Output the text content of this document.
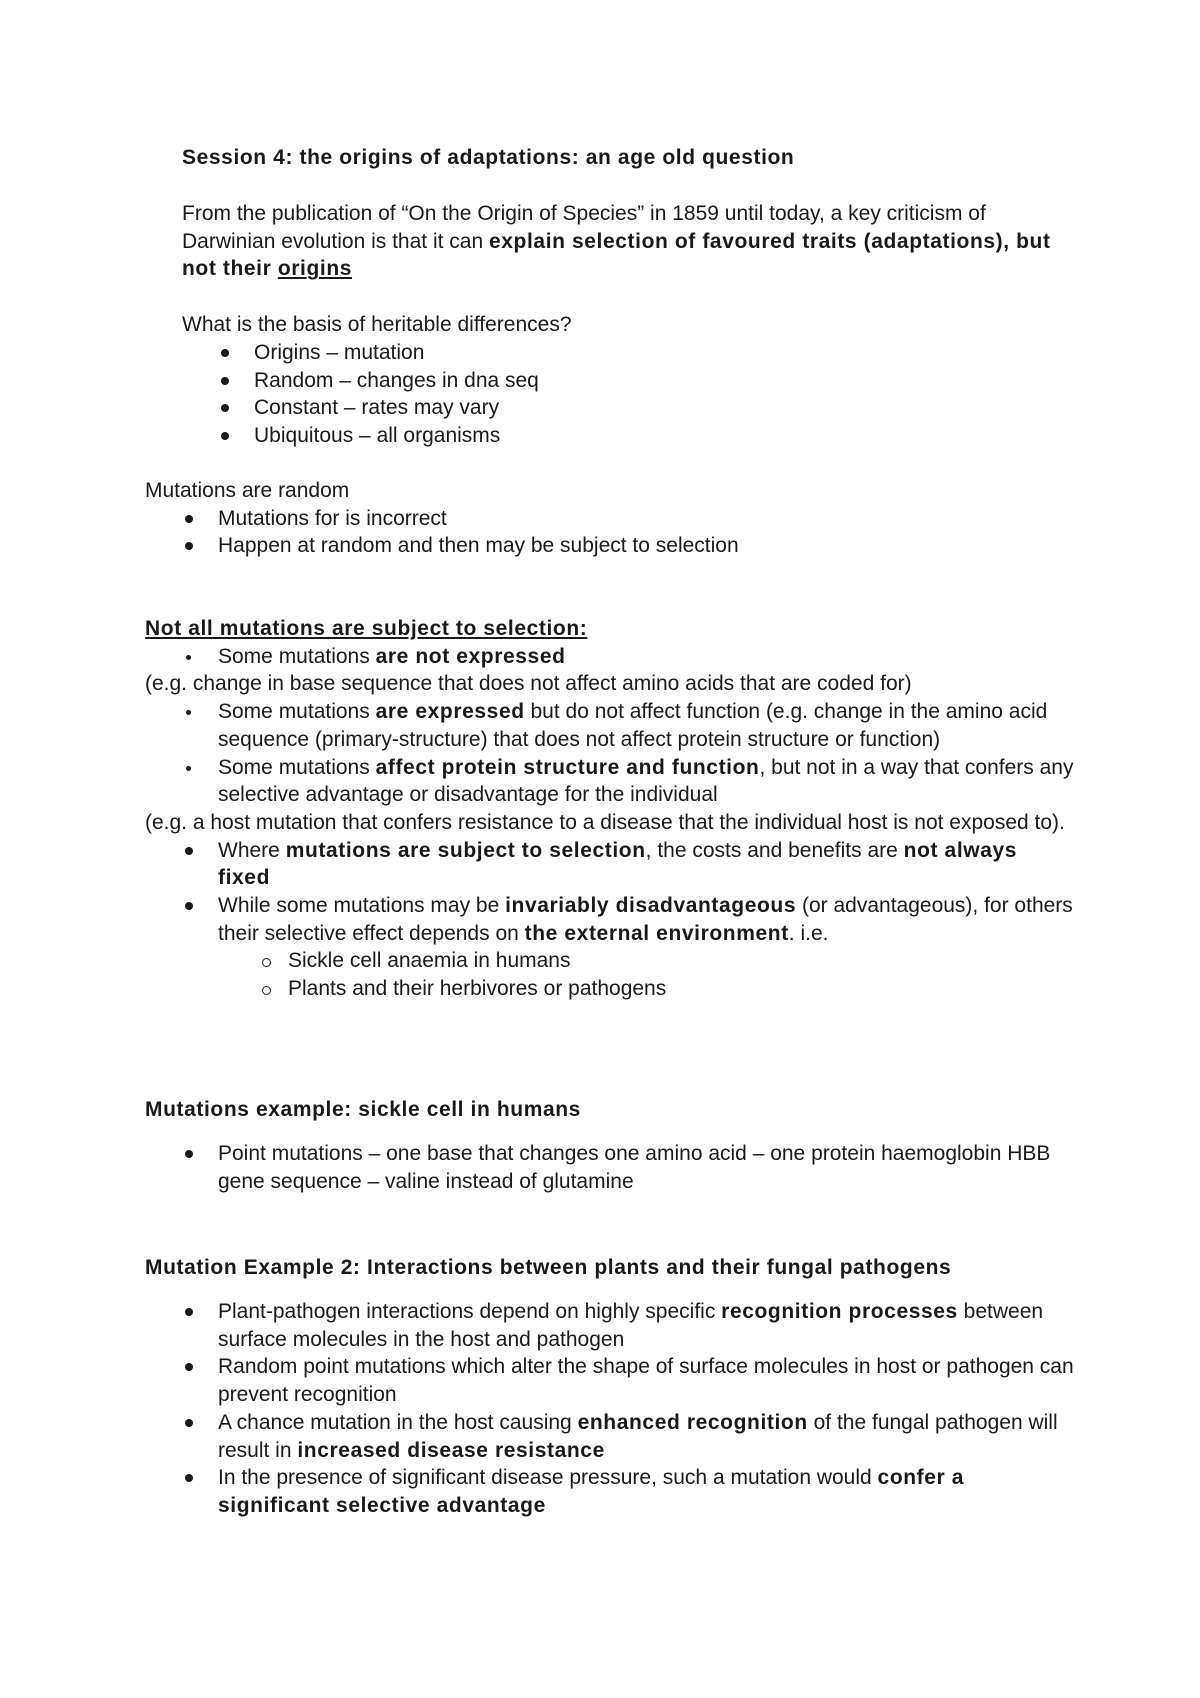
Session 4: the origins of adaptations: an age old question

From the publication of “On the Origin of Species” in 1859 until today, a key criticism of Darwinian evolution is that it can explain selection of favoured traits (adaptations), but not their origins

What is the basis of heritable differences?

Origins – mutation
Random – changes in dna seq
Constant – rates may vary
Ubiquitous – all organisms

Mutations are random

Mutations for is incorrect
Happen at random and then may be subject to selection

Not all mutations are subject to selection:

Some mutations are not expressed

(e.g. change in base sequence that does not affect amino acids that are coded for)

Some mutations are expressed but do not affect function (e.g. change in the amino acid sequence (primary-structure) that does not affect protein structure or function)
Some mutations affect protein structure and function, but not in a way that confers any selective advantage or disadvantage for the individual

(e.g. a host mutation that confers resistance to a disease that the individual host is not exposed to).

Where mutations are subject to selection, the costs and benefits are not always fixed
While some mutations may be invariably disadvantageous (or advantageous), for others their selective effect depends on the external environment. i.e.
Sickle cell anaemia in humans
Plants and their herbivores or pathogens

Mutations example: sickle cell in humans

Point mutations – one base that changes one amino acid – one protein haemoglobin HBB gene sequence – valine instead of glutamine

Mutation Example 2: Interactions between plants and their fungal pathogens

Plant-pathogen interactions depend on highly specific recognition processes between surface molecules in the host and pathogen
Random point mutations which alter the shape of surface molecules in host or pathogen can prevent recognition
A chance mutation in the host causing enhanced recognition of the fungal pathogen will result in increased disease resistance
In the presence of significant disease pressure, such a mutation would confer a significant selective advantage
